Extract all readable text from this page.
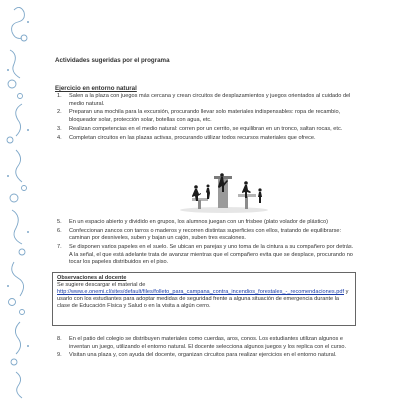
Actividades sugeridas por el programa
Ejercicio en entorno natural
1. Salen a la plaza con juegos más cercana y crean circuitos de desplazamientos y juegos orientados al cuidado del medio natural.
2. Preparan una mochila para la excursión, procurando llevar solo materiales indispensables: ropa de recambio, bloqueador solar, protección solar, botellas con agua, etc.
3. Realizan competencias en el medio natural: corren por un cerrito, se equilibran en un tronco, saltan rocas, etc.
4. Completan circuitos en las plazas activas, procurando utilizar todos recursos materiales que ofrece.
5. En un espacio abierto y dividido en grupos, los alumnos juegan con un frisbee (plato volador de plástico)
6. Confeccionan zancos con tarros o maderos y recorren distintas superficies con ellos, tratando de equilibrarse: caminan por desniveles, suben y bajan un cajón, suben tres escalones.
7. Se disponen varios papeles en el suelo. Se ubican en parejas y uno toma de la cintura a su compañero por detrás. A la señal, el que está adelante trata de avanzar mientras que el compañero evita que se desplace, procurando no tocar los papeles distribuidos en el piso.
Observaciones al docente
Se sugiere descargar el material de http://www.e.onemi.cl/sites/default/files/folleto_para_campana_contra_incendios_forestales_-_recomendaciones.pdf y usarlo con los estudiantes para adoptar medidas de seguridad frente a alguna situación de emergencia durante la clase de Educación Física y Salud o en la visita a algún cerro.
8. En el patio del colegio se distribuyen materiales como cuerdas, aros, conos. Los estudiantes utilizan algunos e inventan un juego, utilizando el entorno natural. El docente selecciona algunos juegos y los replica con el curso.
9. Visitan una plaza y, con ayuda del docente, organizan circuitos para realizar ejercicios en el entorno natural.
